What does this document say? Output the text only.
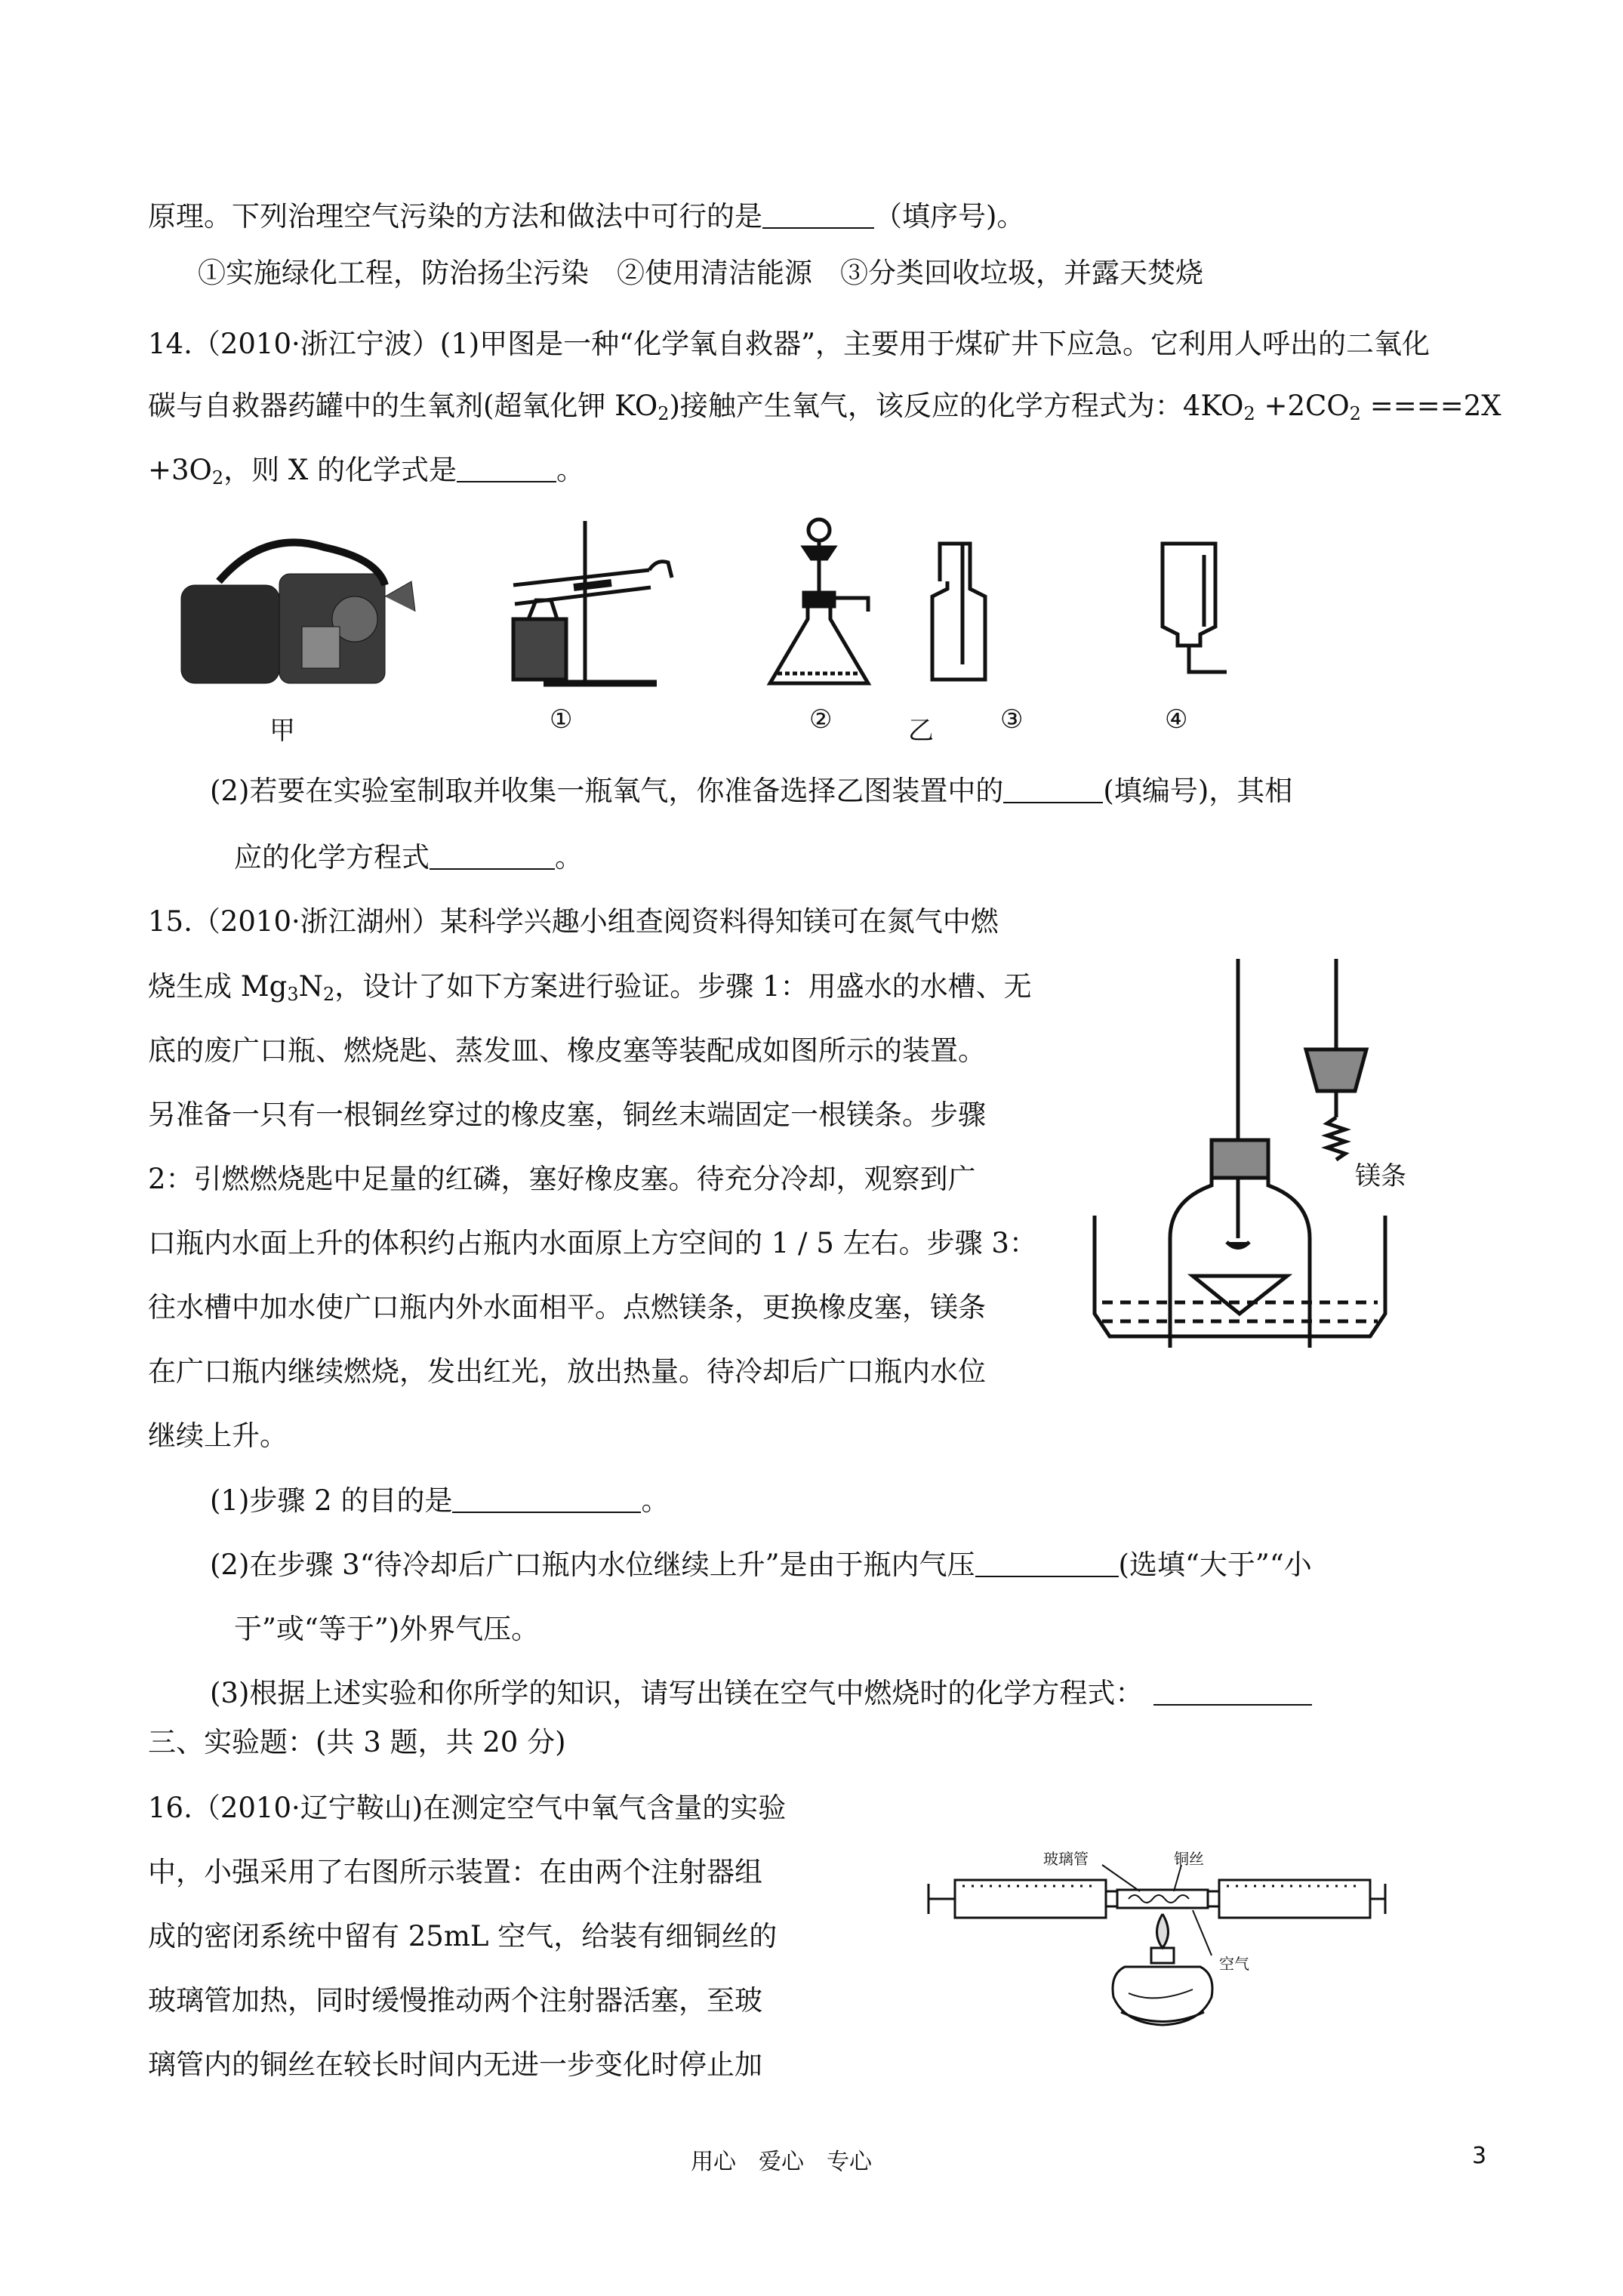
原理。下列治理空气污染的方法和做法中可行的是	（填序号)。
①实施绿化工程，防治扬尘污染　②使用清洁能源　③分类回收垃圾，并露天焚烧
14.（2010·浙江宁波）(1)甲图是一种“化学氧自救器”，主要用于煤矿井下应急。它利用人呼出的二氧化
碳与自救器药罐中的生氧剂(超氧化钾 $KO_2$)接触产生氧气，该反应的化学方程式为：$4KO_2 +2CO_2 ====2X$
$+3O_2$，则 X 的化学式是	。
甲	①	②	乙	③	④
(2)若要在实验室制取并收集一瓶氧气，你准备选择乙图装置中的	(填编号)，其相
应的化学方程式	。
15.（2010·浙江湖州）某科学兴趣小组查阅资料得知镁可在氮气中燃
烧生成 $Mg_3N_2$，设计了如下方案进行验证。步骤 1：用盛水的水槽、无
底的废广口瓶、燃烧匙、蒸发皿、橡皮塞等装配成如图所示的装置。
另准备一只有一根铜丝穿过的橡皮塞，铜丝末端固定一根镁条。步骤
2：引燃燃烧匙中足量的红磷，塞好橡皮塞。待充分冷却，观察到广
口瓶内水面上升的体积约占瓶内水面原上方空间的 1 / 5 左右。步骤 3：
往水槽中加水使广口瓶内外水面相平。点燃镁条，更换橡皮塞，镁条
在广口瓶内继续燃烧，发出红光，放出热量。待冷却后广口瓶内水位
继续上升。
镁条
(1)步骤 2 的目的是	。
(2)在步骤 3“待冷却后广口瓶内水位继续上升”是由于瓶内气压	(选填“大于”“小
于”或“等于”)外界气压。
(3)根据上述实验和你所学的知识，请写出镁在空气中燃烧时的化学方程式：
三、实验题：(共 3 题，共 20 分)
16.（2010·辽宁鞍山)在测定空气中氧气含量的实验
中，小强采用了右图所示装置：在由两个注射器组
成的密闭系统中留有 25mL 空气，给装有细铜丝的
玻璃管加热，同时缓慢推动两个注射器活塞，至玻
璃管内的铜丝在较长时间内无进一步变化时停止加
玻璃管	铜丝
空气
用心　爱心　专心	3
